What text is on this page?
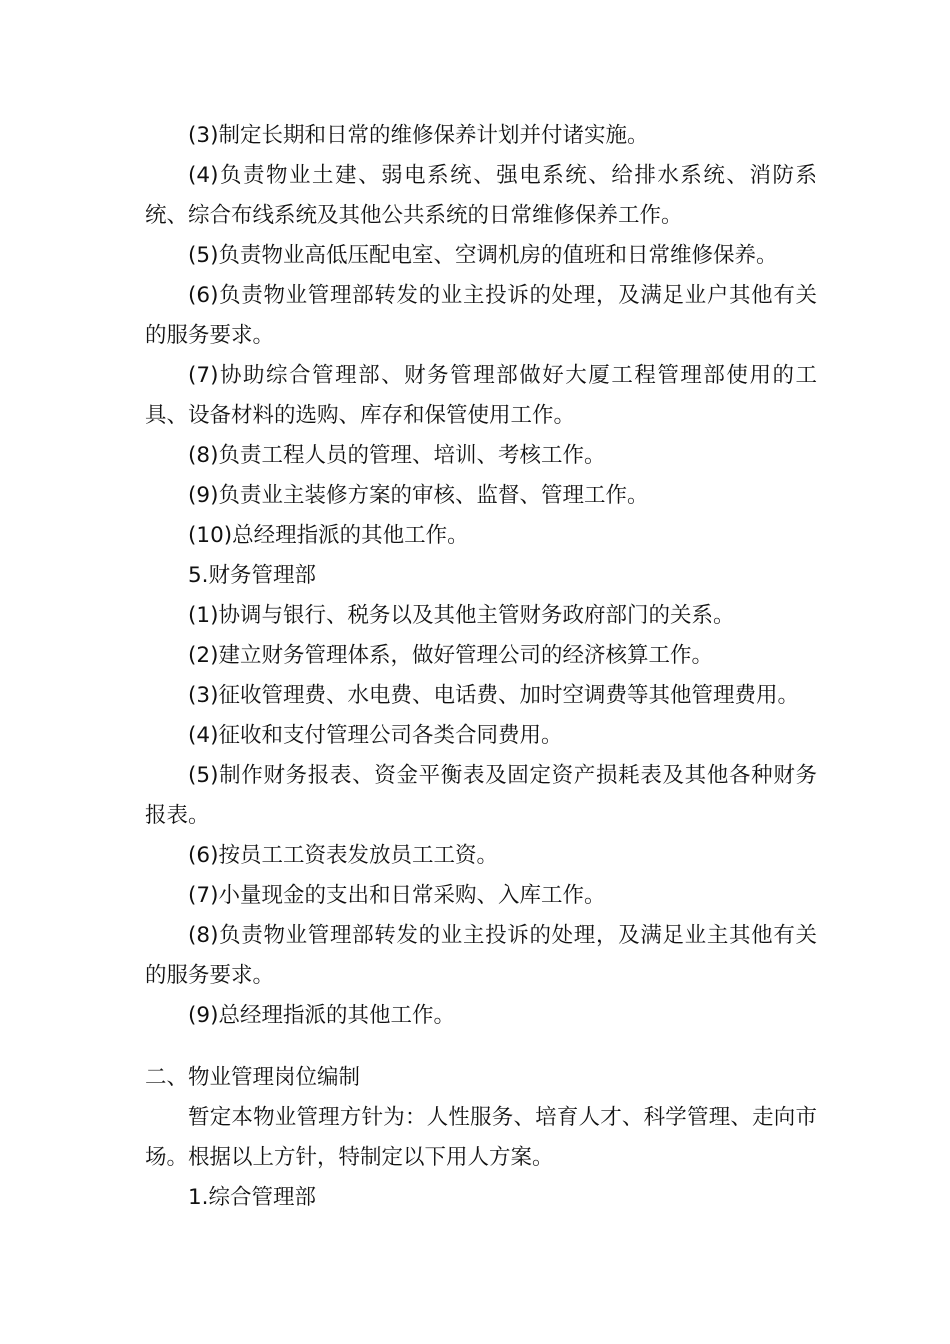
(3)制定长期和日常的维修保养计划并付诸实施。

(4)负责物业土建、弱电系统、强电系统、给排水系统、消防系统、综合布线系统及其他公共系统的日常维修保养工作。

(5)负责物业高低压配电室、空调机房的值班和日常维修保养。

(6)负责物业管理部转发的业主投诉的处理，及满足业户其他有关的服务要求。

(7)协助综合管理部、财务管理部做好大厦工程管理部使用的工具、设备材料的选购、库存和保管使用工作。

(8)负责工程人员的管理、培训、考核工作。

(9)负责业主装修方案的审核、监督、管理工作。

(10)总经理指派的其他工作。

5.财务管理部

(1)协调与银行、税务以及其他主管财务政府部门的关系。

(2)建立财务管理体系，做好管理公司的经济核算工作。

(3)征收管理费、水电费、电话费、加时空调费等其他管理费用。

(4)征收和支付管理公司各类合同费用。

(5)制作财务报表、资金平衡表及固定资产损耗表及其他各种财务报表。

(6)按员工工资表发放员工工资。

(7)小量现金的支出和日常采购、入库工作。

(8)负责物业管理部转发的业主投诉的处理，及满足业主其他有关的服务要求。

(9)总经理指派的其他工作。

二、物业管理岗位编制

暂定本物业管理方针为：人性服务、培育人才、科学管理、走向市场。根据以上方针，特制定以下用人方案。

1.综合管理部
